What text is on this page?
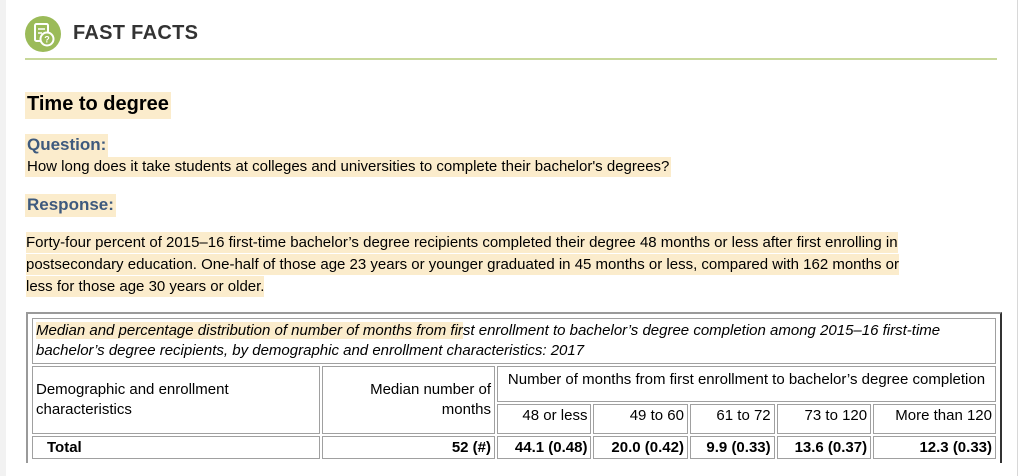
? FAST FACTS
Time to degree
Question:
How long does it take students at colleges and universities to complete their bachelor's degrees?
Response:
Forty-four percent of 2015–16 first-time bachelor’s degree recipients completed their degree 48 months or less after first enrolling in
postsecondary education. One-half of those age 23 years or younger graduated in 45 months or less, compared with 162 months or
less for those age 30 years or older.
Median and percentage distribution of number of months from first enrollment to bachelor’s degree completion among 2015–16 first-time bachelor’s degree recipients, by demographic and enrollment characteristics: 2017						
Demographic and enrollment characteristics	Median number of months	Number of months from first enrollment to bachelor’s degree completion				
		48 or less	49 to 60	61 to 72	73 to 120	More than 120
Total	52 (#)	44.1 (0.48)	20.0 (0.42)	9.9 (0.33)	13.6 (0.37)	12.3 (0.33)
